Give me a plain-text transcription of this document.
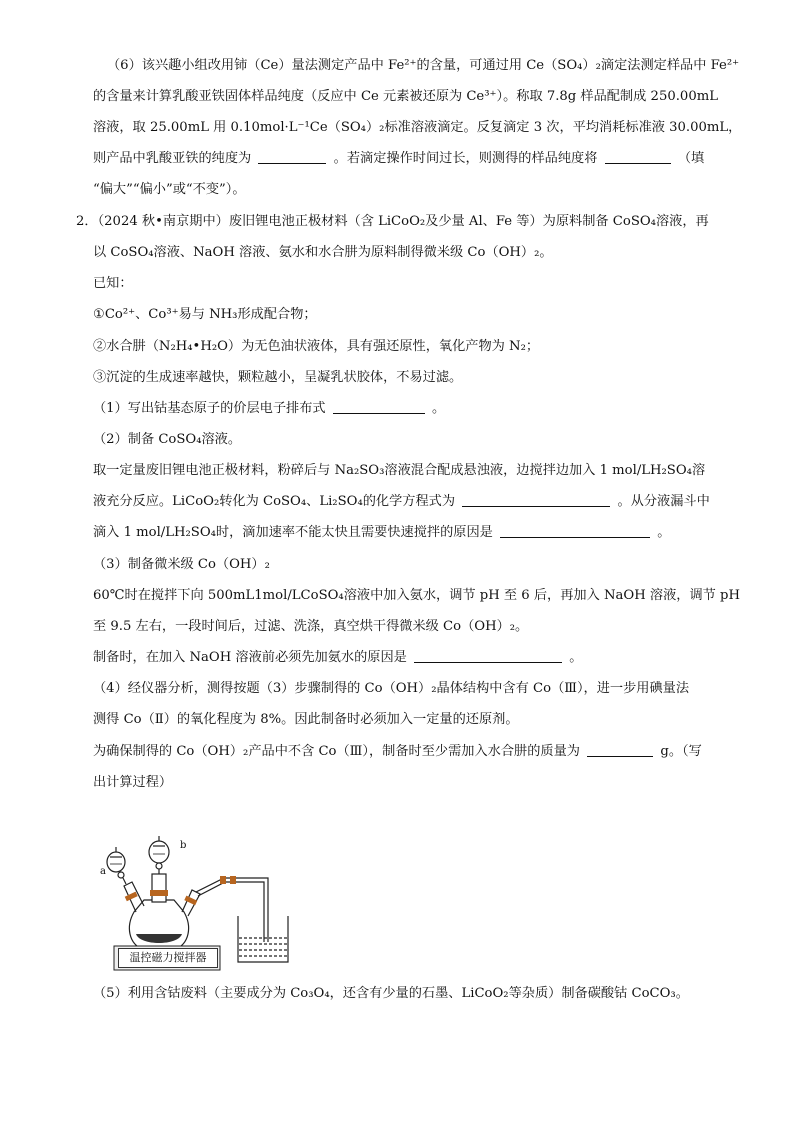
（6）该兴趣小组改用铈（Ce）量法测定产品中 Fe²⁺的含量，可通过用 Ce（SO₄）₂滴定法测定样品中 Fe²⁺
的含量来计算乳酸亚铁固体样品纯度（反应中 Ce 元素被还原为 Ce³⁺）。称取 7.8g 样品配制成 250.00mL
溶液，取 25.00mL 用 0.10mol·L⁻¹Ce（SO₄）₂标准溶液滴定。反复滴定 3 次，平均消耗标准液 30.00mL，
则产品中乳酸亚铁的纯度为	。若滴定操作时间过长，则测得的样品纯度将	（填
“偏大”“偏小”或“不变”）。
2．（2024 秋•南京期中）废旧锂电池正极材料（含 LiCoO₂及少量 Al、Fe 等）为原料制备 CoSO₄溶液，再
以 CoSO₄溶液、NaOH 溶液、氨水和水合肼为原料制得微米级 Co（OH）₂。
已知：
①Co²⁺、Co³⁺易与 NH₃形成配合物；
②水合肼（N₂H₄•H₂O）为无色油状液体，具有强还原性，氧化产物为 N₂；
③沉淀的生成速率越快，颗粒越小，呈凝乳状胶体，不易过滤。
（1）写出钴基态原子的价层电子排布式	。
（2）制备 CoSO₄溶液。
取一定量废旧锂电池正极材料，粉碎后与 Na₂SO₃溶液混合配成悬浊液，边搅拌边加入 1 mol/LH₂SO₄溶
液充分反应。LiCoO₂转化为 CoSO₄、Li₂SO₄的化学方程式为	。从分液漏斗中
滴入 1 mol/LH₂SO₄时，滴加速率不能太快且需要快速搅拌的原因是	。
（3）制备微米级 Co（OH）₂
60℃时在搅拌下向 500mL1mol/LCoSO₄溶液中加入氨水，调节 pH 至 6 后，再加入 NaOH 溶液，调节 pH
至 9.5 左右，一段时间后，过滤、洗涤，真空烘干得微米级 Co（OH）₂。
制备时，在加入 NaOH 溶液前必须先加氨水的原因是	。
（4）经仪器分析，测得按题（3）步骤制得的 Co（OH）₂晶体结构中含有 Co（Ⅲ），进一步用碘量法
测得 Co（Ⅱ）的氧化程度为 8%。因此制备时必须加入一定量的还原剂。
为确保制得的 Co（OH）₂产品中不含 Co（Ⅲ），制备时至少需加入水合肼的质量为	g。（写
出计算过程）
a
b
温控磁力搅拌器
（5）利用含钴废料（主要成分为 Co₃O₄，还含有少量的石墨、LiCoO₂等杂质）制备碳酸钴 CoCO₃。
